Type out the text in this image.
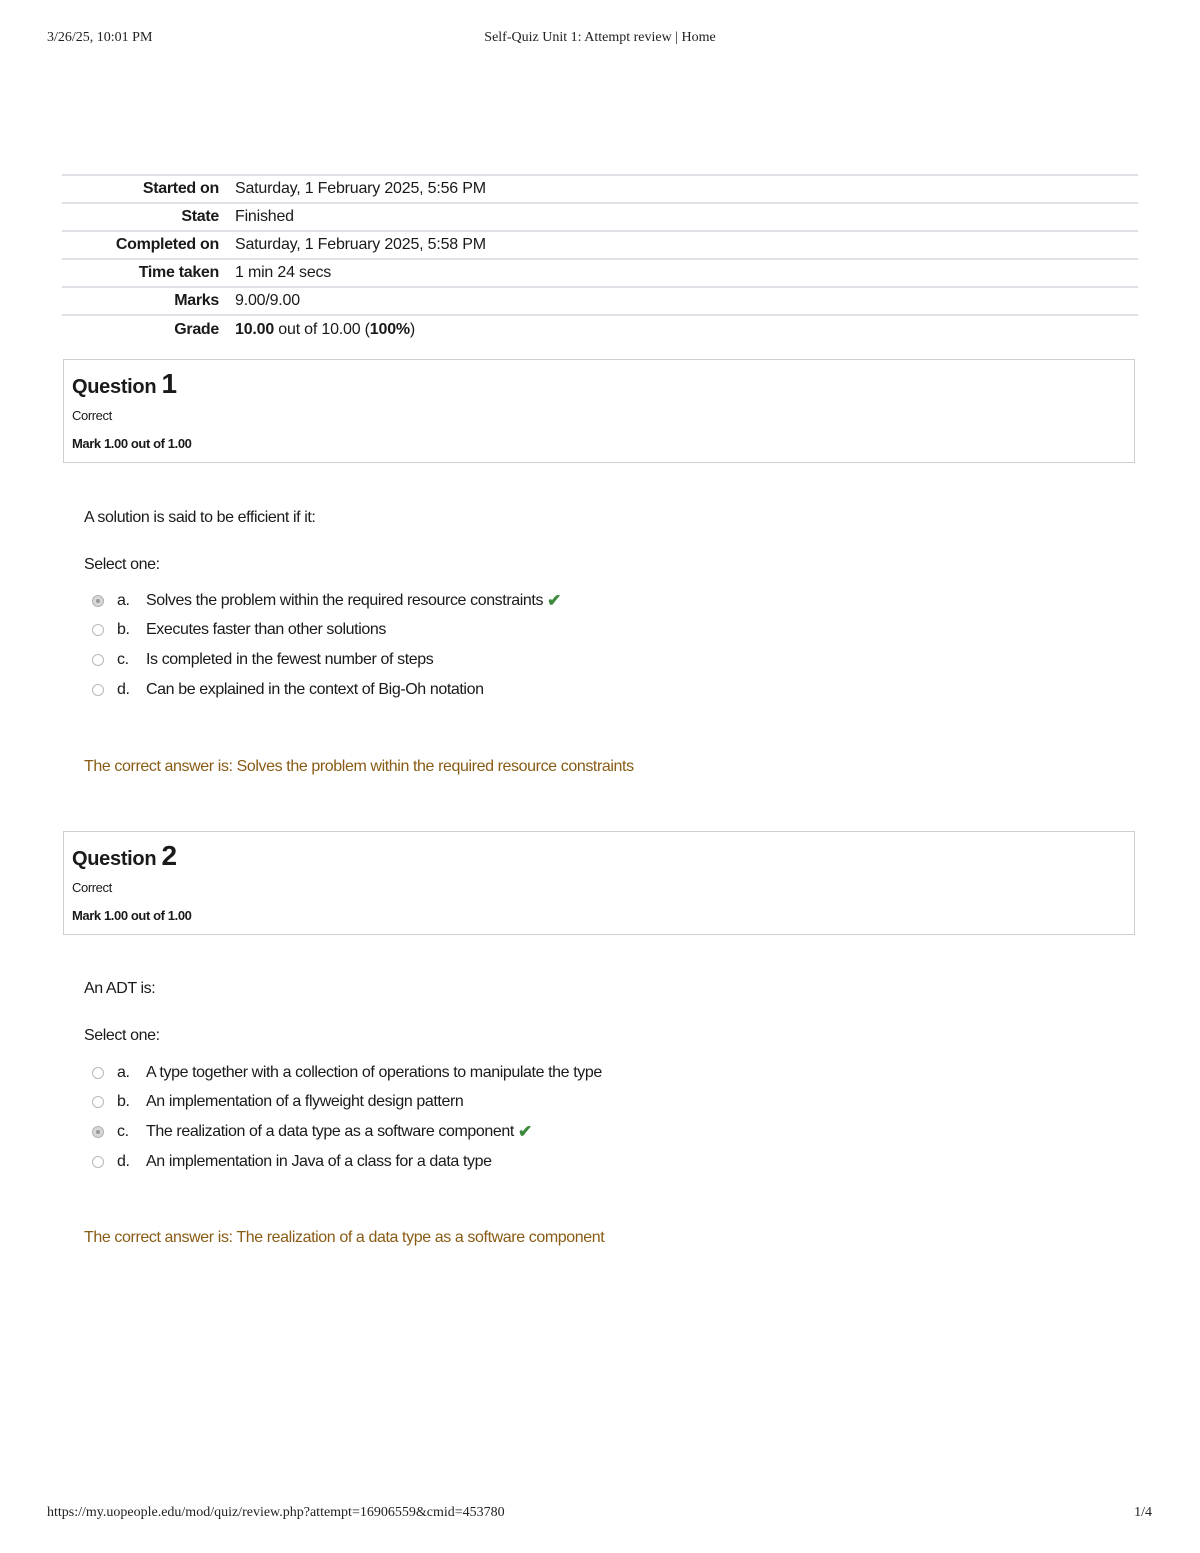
3/26/25, 10:01 PM	Self-Quiz Unit 1: Attempt review | Home
Started on	Saturday, 1 February 2025, 5:56 PM
State	Finished
Completed on	Saturday, 1 February 2025, 5:58 PM
Time taken	1 min 24 secs
Marks	9.00/9.00
Grade	10.00 out of 10.00 (100%)
Question 1
Correct
Mark 1.00 out of 1.00
A solution is said to be efficient if it:
Select one:
a.	Solves the problem within the required resource constraints ✔
b.	Executes faster than other solutions
c.	Is completed in the fewest number of steps
d.	Can be explained in the context of Big-Oh notation
The correct answer is: Solves the problem within the required resource constraints
Question 2
Correct
Mark 1.00 out of 1.00
An ADT is:
Select one:
a.	A type together with a collection of operations to manipulate the type
b.	An implementation of a flyweight design pattern
c.	The realization of a data type as a software component ✔
d.	An implementation in Java of a class for a data type
The correct answer is: The realization of a data type as a software component
https://my.uopeople.edu/mod/quiz/review.php?attempt=16906559&cmid=453780	1/4
